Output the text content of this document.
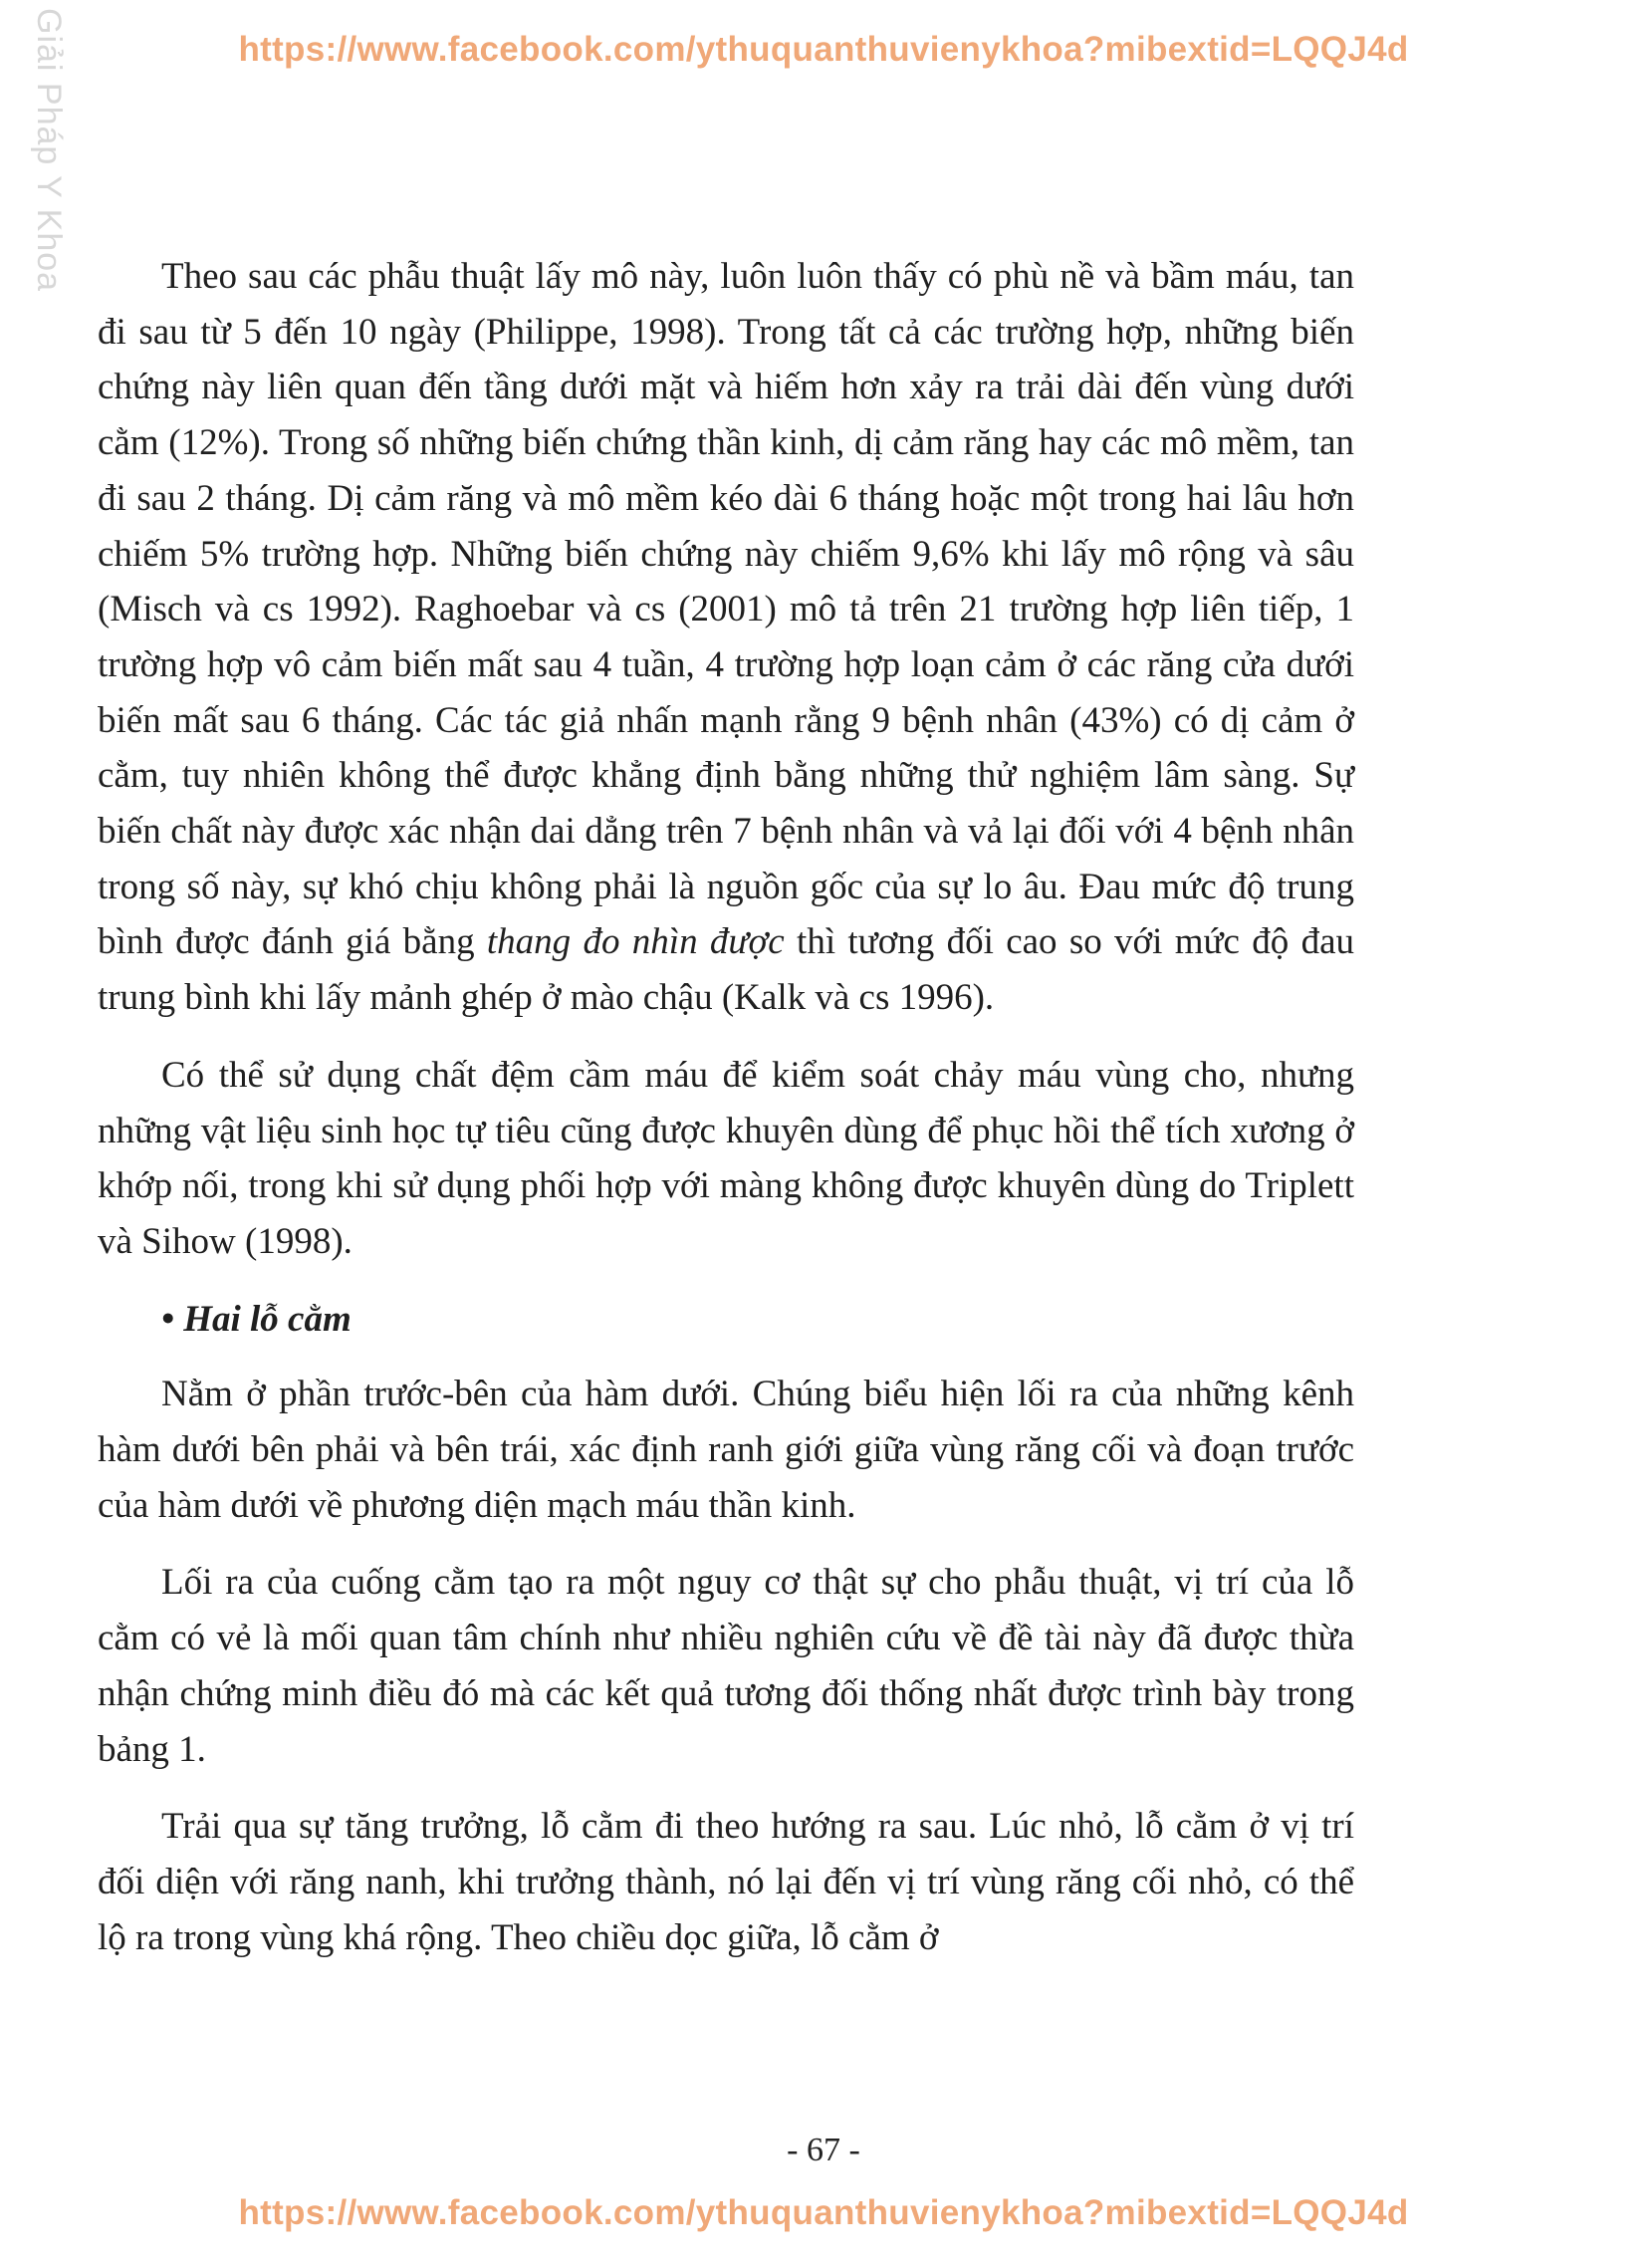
https://www.facebook.com/ythuquanthuvienykhoa?mibextid=LQQJ4d
Giải Pháp Y Khoa	Theo sau các phẫu thuật lấy mô này, luôn luôn thấy có phù nề và bầm máu, tan đi sau từ 5 đến 10 ngày (Philippe, 1998). Trong tất cả các trường hợp, những biến chứng này liên quan đến tầng dưới mặt và hiếm hơn xảy ra trải dài đến vùng dưới cằm (12%). Trong số những biến chứng thần kinh, dị cảm răng hay các mô mềm, tan đi sau 2 tháng. Dị cảm răng và mô mềm kéo dài 6 tháng hoặc một trong hai lâu hơn chiếm 5% trường hợp. Những biến chứng này chiếm 9,6% khi lấy mô rộng và sâu (Misch và cs 1992). Raghoebar và cs (2001) mô tả trên 21 trường hợp liên tiếp, 1 trường hợp vô cảm biến mất sau 4 tuần, 4 trường hợp loạn cảm ở các răng cửa dưới biến mất sau 6 tháng. Các tác giả nhấn mạnh rằng 9 bệnh nhân (43%) có dị cảm ở cằm, tuy nhiên không thể được khẳng định bằng những thử nghiệm lâm sàng. Sự biến chất này được xác nhận dai dẳng trên 7 bệnh nhân và vả lại đối với 4 bệnh nhân trong số này, sự khó chịu không phải là nguồn gốc của sự lo âu. Đau mức độ trung bình được đánh giá bằng thang đo nhìn được thì tương đối cao so với mức độ đau trung bình khi lấy mảnh ghép ở mào chậu (Kalk và cs 1996).

Có thể sử dụng chất đệm cầm máu để kiểm soát chảy máu vùng cho, nhưng những vật liệu sinh học tự tiêu cũng được khuyên dùng để phục hồi thể tích xương ở khớp nối, trong khi sử dụng phối hợp với màng không được khuyên dùng do Triplett và Sihow (1998).

• Hai lỗ cằm

Nằm ở phần trước-bên của hàm dưới. Chúng biểu hiện lối ra của những kênh hàm dưới bên phải và bên trái, xác định ranh giới giữa vùng răng cối và đoạn trước của hàm dưới về phương diện mạch máu thần kinh.

Lối ra của cuống cằm tạo ra một nguy cơ thật sự cho phẫu thuật, vị trí của lỗ cằm có vẻ là mối quan tâm chính như nhiều nghiên cứu về đề tài này đã được thừa nhận chứng minh điều đó mà các kết quả tương đối thống nhất được trình bày trong bảng 1.

Trải qua sự tăng trưởng, lỗ cằm đi theo hướng ra sau. Lúc nhỏ, lỗ cằm ở vị trí đối diện với răng nanh, khi trưởng thành, nó lại đến vị trí vùng răng cối nhỏ, có thể lộ ra trong vùng khá rộng. Theo chiều dọc giữa, lỗ cằm ở

- 67 -
https://www.facebook.com/ythuquanthuvienykhoa?mibextid=LQQJ4d
